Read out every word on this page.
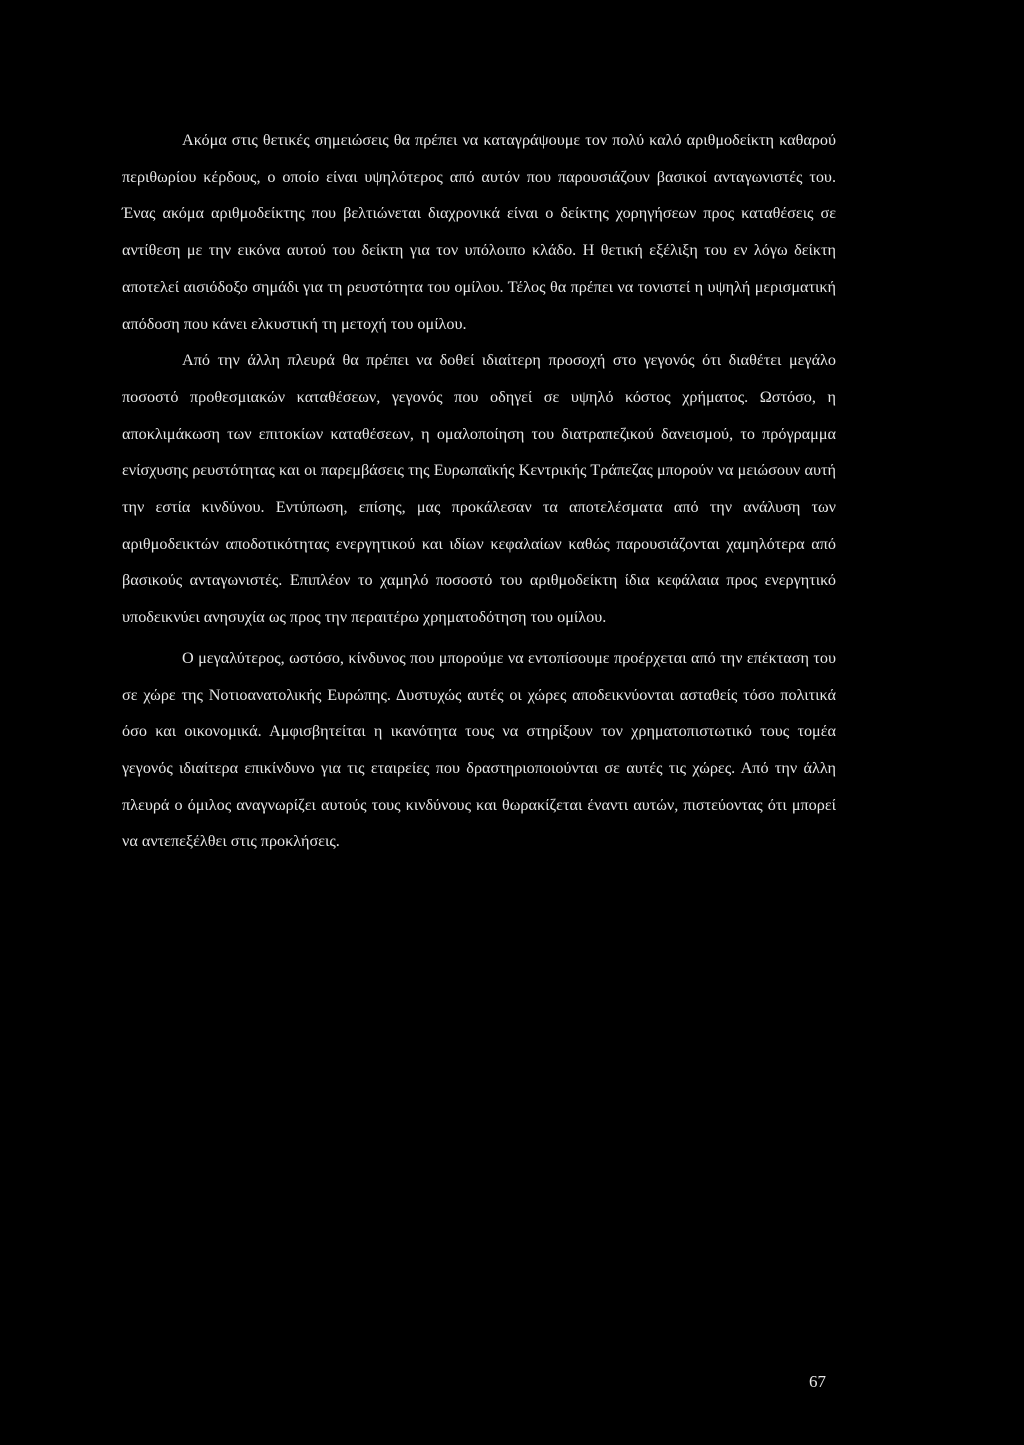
Ακόμα στις θετικές σημειώσεις θα πρέπει να καταγράψουμε τον πολύ καλό αριθμοδείκτη καθαρού περιθωρίου κέρδους, ο οποίο είναι υψηλότερος από αυτόν που παρουσιάζουν βασικοί ανταγωνιστές του. Ένας ακόμα αριθμοδείκτης που βελτιώνεται διαχρονικά είναι ο δείκτης χορηγήσεων προς καταθέσεις σε αντίθεση με την εικόνα αυτού του δείκτη για τον υπόλοιπο κλάδο. Η θετική εξέλιξη του εν λόγω δείκτη αποτελεί αισιόδοξο σημάδι για τη ρευστότητα του ομίλου. Τέλος θα πρέπει να τονιστεί η υψηλή μερισματική απόδοση που κάνει ελκυστική τη μετοχή του ομίλου.

Από την άλλη πλευρά θα πρέπει να δοθεί ιδιαίτερη προσοχή στο γεγονός ότι διαθέτει μεγάλο ποσοστό προθεσμιακών καταθέσεων, γεγονός που οδηγεί σε υψηλό κόστος χρήματος. Ωστόσο, η αποκλιμάκωση των επιτοκίων καταθέσεων, η ομαλοποίηση του διατραπεζικού δανεισμού, το πρόγραμμα ενίσχυσης ρευστότητας και οι παρεμβάσεις της Ευρωπαϊκής Κεντρικής Τράπεζας μπορούν να μειώσουν αυτή την εστία κινδύνου. Εντύπωση, επίσης, μας προκάλεσαν τα αποτελέσματα από την ανάλυση των αριθμοδεικτών αποδοτικότητας ενεργητικού και ιδίων κεφαλαίων καθώς παρουσιάζονται χαμηλότερα από βασικούς ανταγωνιστές. Επιπλέον το χαμηλό ποσοστό του αριθμοδείκτη ίδια κεφάλαια προς ενεργητικό υποδεικνύει ανησυχία ως προς την περαιτέρω χρηματοδότηση του ομίλου.

Ο μεγαλύτερος, ωστόσο, κίνδυνος που μπορούμε να εντοπίσουμε προέρχεται από την επέκταση του σε χώρε της Νοτιοανατολικής Ευρώπης. Δυστυχώς αυτές οι χώρες αποδεικνύονται ασταθείς τόσο πολιτικά όσο και οικονομικά. Αμφισβητείται η ικανότητα τους να στηρίξουν τον χρηματοπιστωτικό τους τομέα γεγονός ιδιαίτερα επικίνδυνο για τις εταιρείες που δραστηριοποιούνται σε αυτές τις χώρες. Από την άλλη πλευρά ο όμιλος αναγνωρίζει αυτούς τους κινδύνους και θωρακίζεται έναντι αυτών, πιστεύοντας ότι μπορεί να αντεπεξέλθει στις προκλήσεις.

67
